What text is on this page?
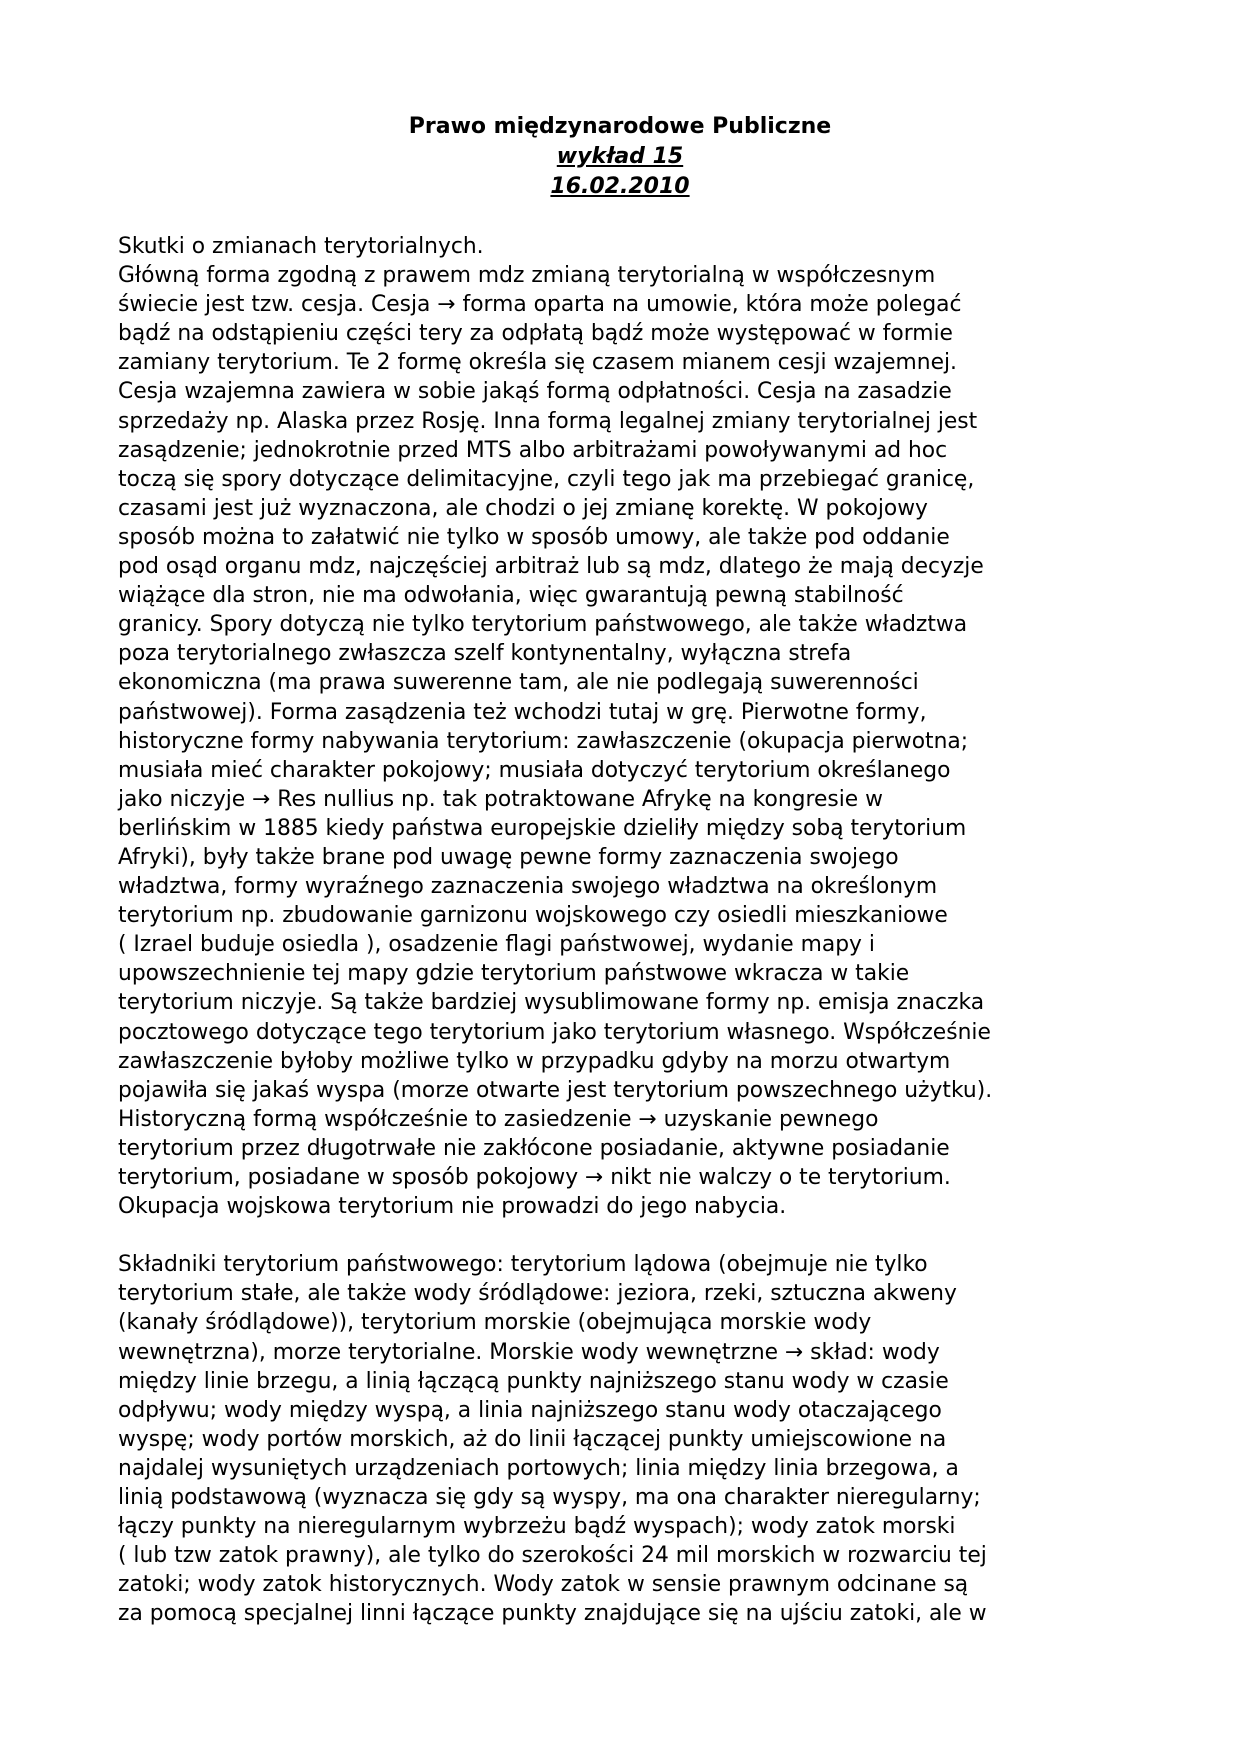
Prawo międzynarodowe Publiczne
wykład 15
16.02.2010
Skutki o zmianach terytorialnych.
Główną forma zgodną z prawem mdz zmianą terytorialną w współczesnym
świecie jest tzw. cesja. Cesja → forma oparta na umowie, która może polegać
bądź na odstąpieniu części tery za odpłatą bądź może występować w formie
zamiany terytorium. Te 2 formę określa się czasem mianem cesji wzajemnej.
Cesja wzajemna zawiera w sobie jakąś formą odpłatności. Cesja na zasadzie
sprzedaży np. Alaska przez Rosję. Inna formą legalnej zmiany terytorialnej jest
zasądzenie; jednokrotnie przed MTS albo arbitrażami powoływanymi ad hoc
toczą się spory dotyczące delimitacyjne, czyli tego jak ma przebiegać granicę,
czasami jest już wyznaczona, ale chodzi o jej zmianę korektę. W pokojowy
sposób można to załatwić nie tylko w sposób umowy, ale także pod oddanie
pod osąd organu mdz, najczęściej arbitraż lub są mdz, dlatego że mają decyzje
wiążące dla stron, nie ma odwołania, więc gwarantują pewną stabilność
granicy. Spory dotyczą nie tylko terytorium państwowego, ale także władztwa
poza terytorialnego zwłaszcza szelf kontynentalny, wyłączna strefa
ekonomiczna (ma prawa suwerenne tam, ale nie podlegają suwerenności
państwowej). Forma zasądzenia też wchodzi tutaj w grę. Pierwotne formy,
historyczne formy nabywania terytorium: zawłaszczenie (okupacja pierwotna;
musiała mieć charakter pokojowy; musiała dotyczyć terytorium określanego
jako niczyje → Res nullius np. tak potraktowane Afrykę na kongresie w
berlińskim w 1885 kiedy państwa europejskie dzieliły między sobą terytorium
Afryki), były także brane pod uwagę pewne formy zaznaczenia swojego
władztwa, formy wyraźnego zaznaczenia swojego władztwa na określonym
terytorium np. zbudowanie garnizonu wojskowego czy osiedli mieszkaniowe
( Izrael buduje osiedla ), osadzenie flagi państwowej, wydanie mapy i
upowszechnienie tej mapy gdzie terytorium państwowe wkracza w takie
terytorium niczyje. Są także bardziej wysublimowane formy np. emisja znaczka
pocztowego dotyczące tego terytorium jako terytorium własnego. Współcześnie
zawłaszczenie byłoby możliwe tylko w przypadku gdyby na morzu otwartym
pojawiła się jakaś wyspa (morze otwarte jest terytorium powszechnego użytku).
Historyczną formą współcześnie to zasiedzenie → uzyskanie pewnego
terytorium przez długotrwałe nie zakłócone posiadanie, aktywne posiadanie
terytorium, posiadane w sposób pokojowy → nikt nie walczy o te terytorium.
Okupacja wojskowa terytorium nie prowadzi do jego nabycia.
Składniki terytorium państwowego: terytorium lądowa (obejmuje nie tylko
terytorium stałe, ale także wody śródlądowe: jeziora, rzeki, sztuczna akweny
(kanały śródlądowe)), terytorium morskie (obejmująca morskie wody
wewnętrzna), morze terytorialne. Morskie wody wewnętrzne → skład: wody
między linie brzegu, a linią łączącą punkty najniższego stanu wody w czasie
odpływu; wody między wyspą, a linia najniższego stanu wody otaczającego
wyspę; wody portów morskich, aż do linii łączącej punkty umiejscowione na
najdalej wysuniętych urządzeniach portowych; linia między linia brzegowa, a
linią podstawową (wyznacza się gdy są wyspy, ma ona charakter nieregularny;
łączy punkty na nieregularnym wybrzeżu bądź wyspach); wody zatok morski
( lub tzw zatok prawny), ale tylko do szerokości 24 mil morskich w rozwarciu tej
zatoki; wody zatok historycznych. Wody zatok w sensie prawnym odcinane są
za pomocą specjalnej linni łączące punkty znajdujące się na ujściu zatoki, ale w
